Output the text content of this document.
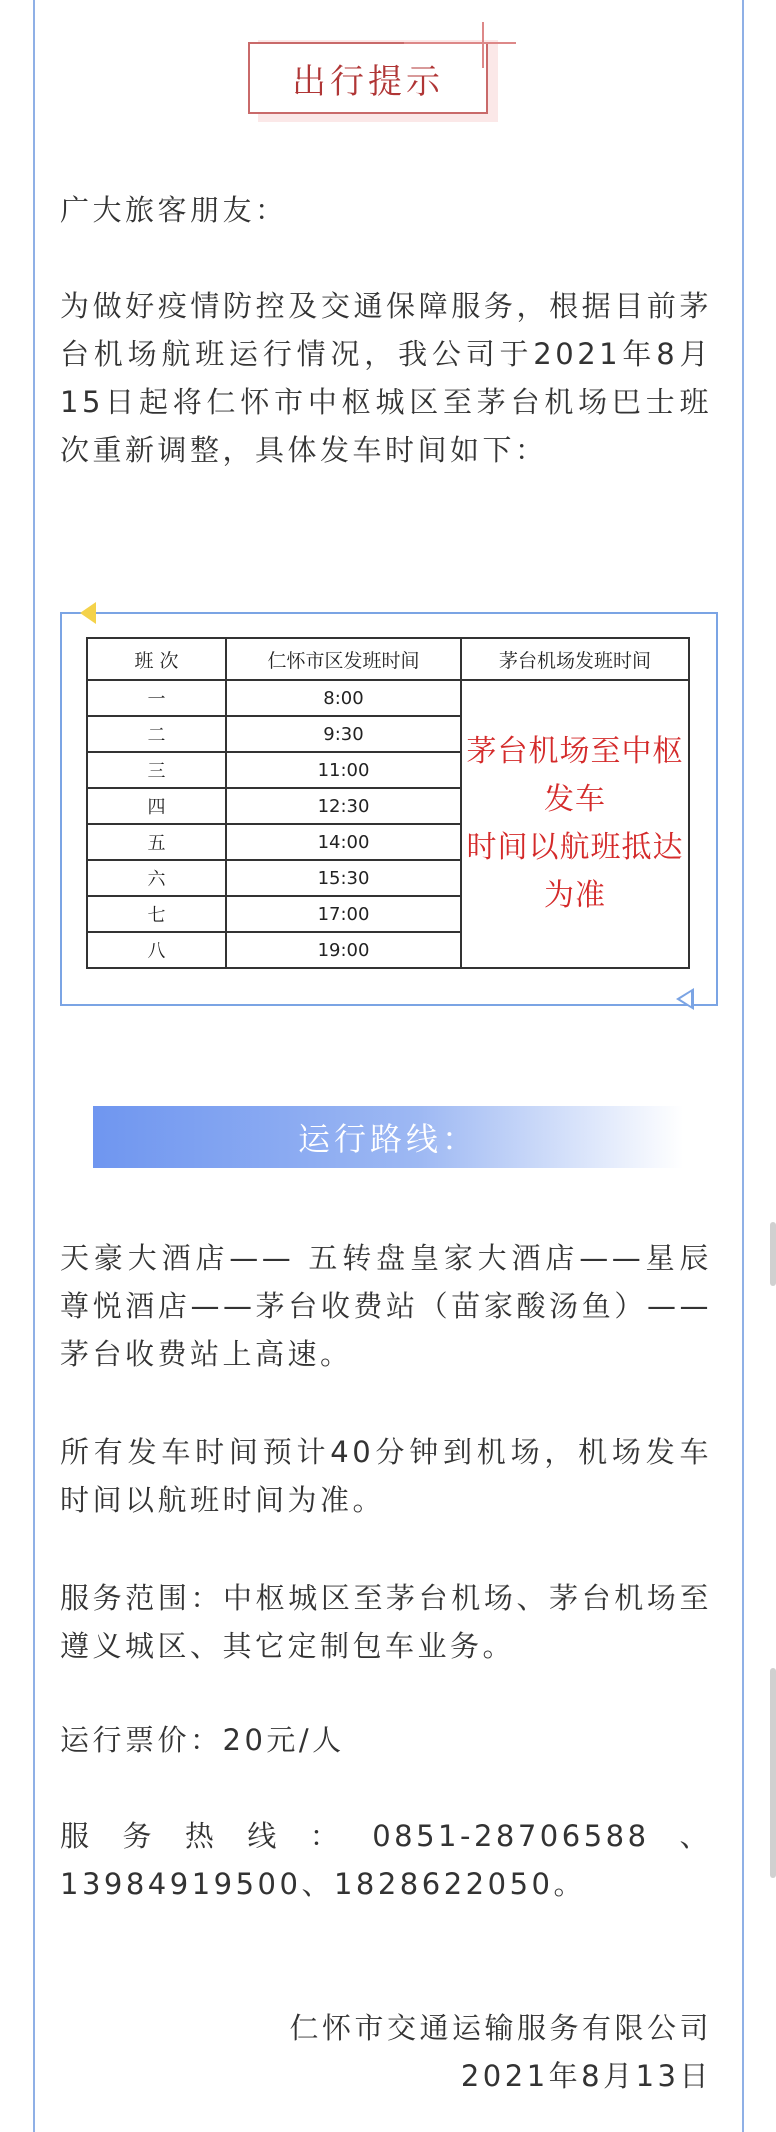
出行提示
广大旅客朋友：
为做好疫情防控及交通保障服务，根据目前茅台机场航班运行情况，我公司于2021年8月15日起将仁怀市中枢城区至茅台机场巴士班次重新调整，具体发车时间如下：
班 次	仁怀市区发班时间	茅台机场发班时间
一	8:00	茅台机场至中枢发车
时间以航班抵达为准

二	9:30	
三	11:00	
四	12:30	
五	14:00	
六	15:30	
七	17:00	
八	19:00	
运行路线：
天豪大酒店—— 五转盘皇家大酒店——星辰尊悦酒店——茅台收费站（苗家酸汤鱼）——茅台收费站上高速。
所有发车时间预计40分钟到机场，机场发车时间以航班时间为准。
服务范围：中枢城区至茅台机场、茅台机场至遵义城区、其它定制包车业务。
运行票价：20元/人
服务热线：0851-28706588、
13984919500、1828622050。
仁怀市交通运输服务有限公司
2021年8月13日
